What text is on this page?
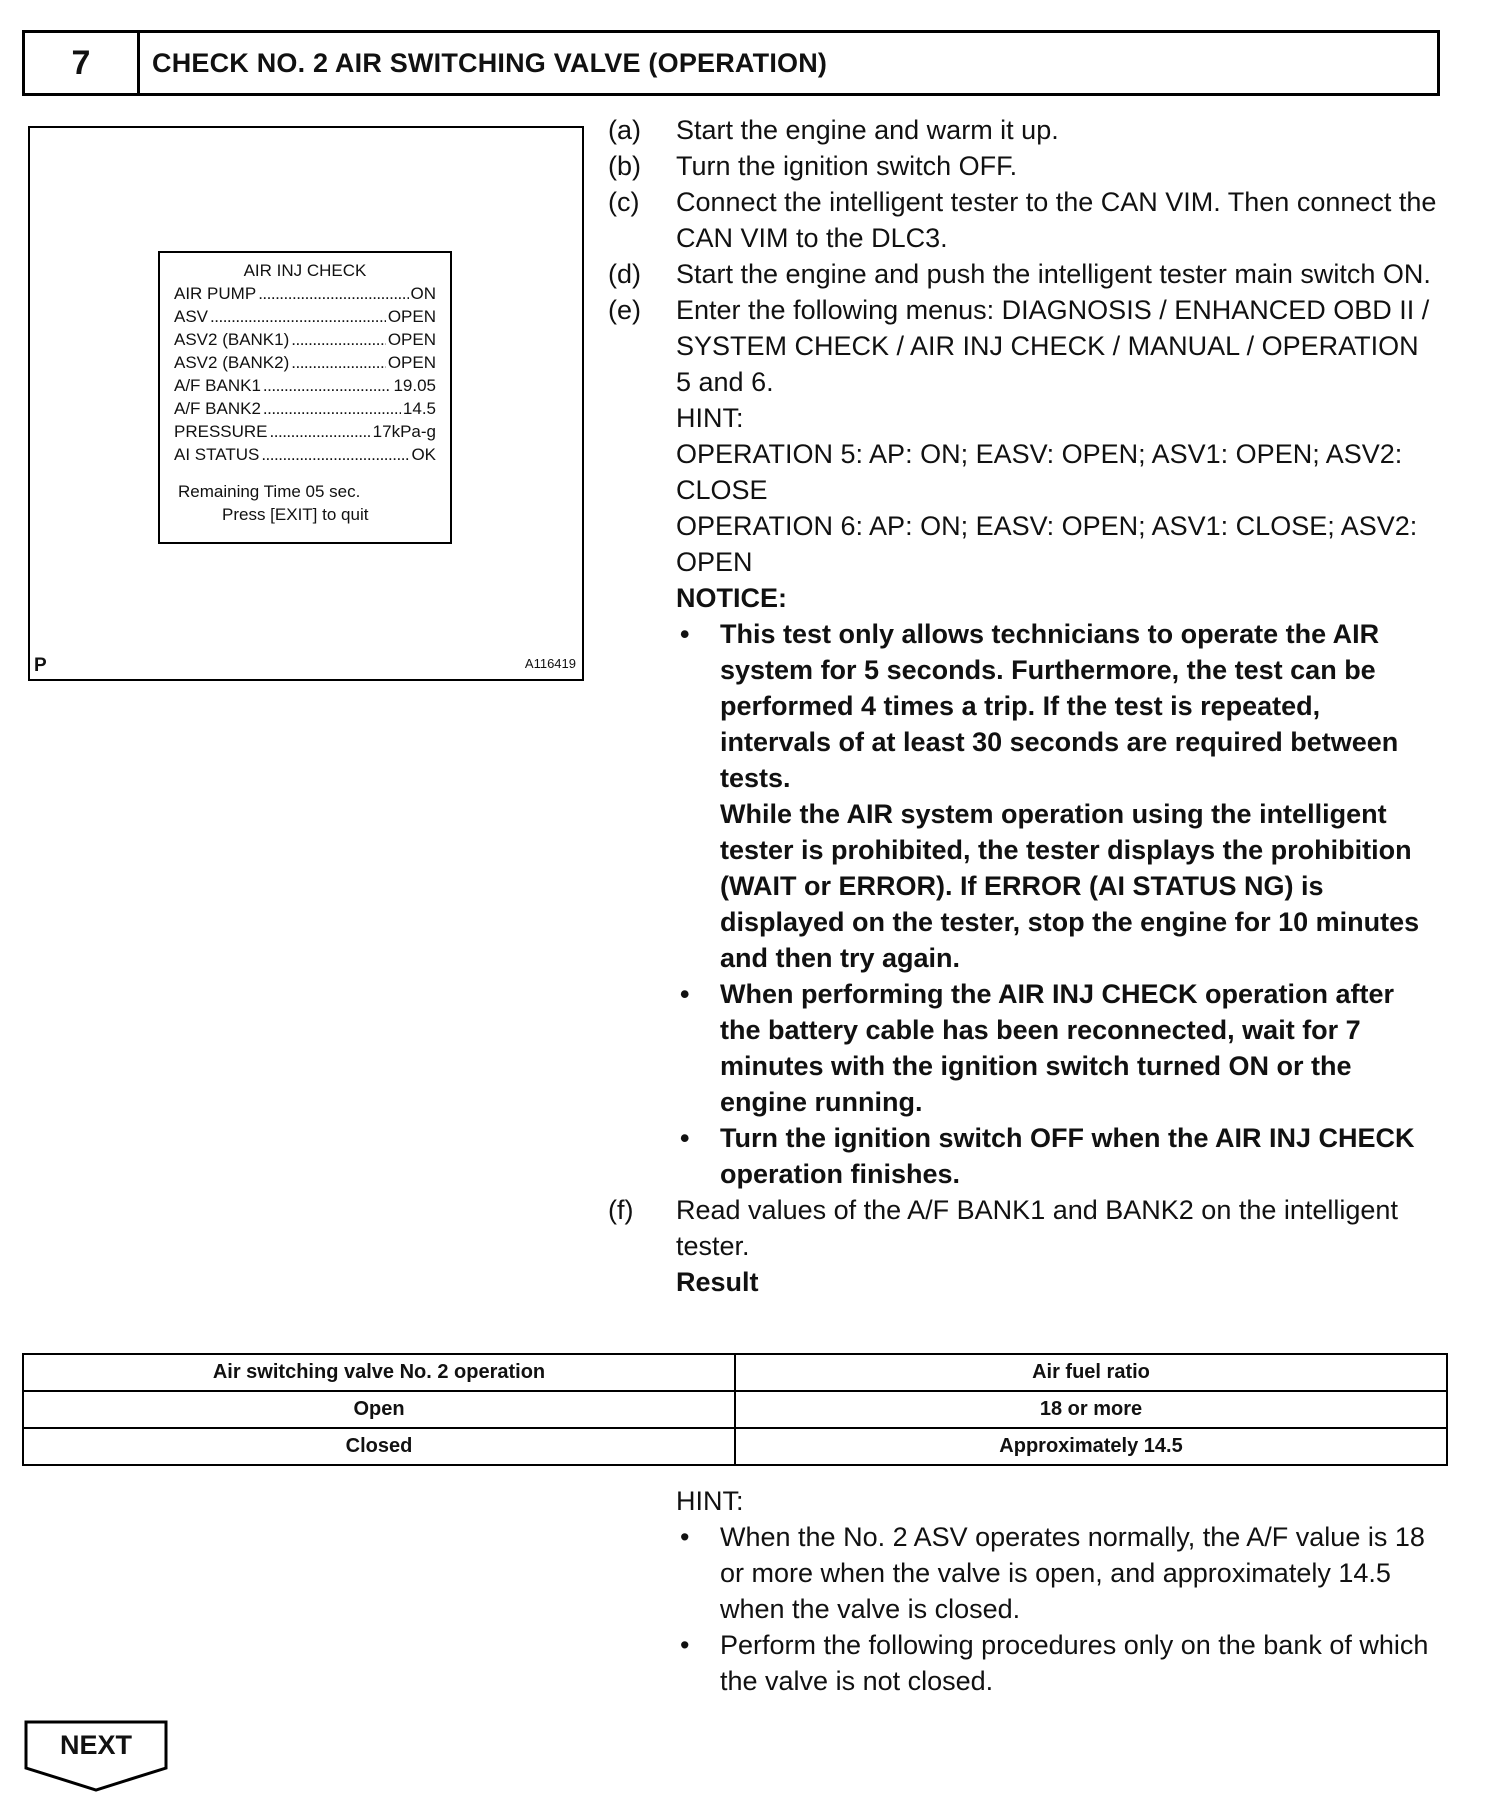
7	CHECK NO. 2 AIR SWITCHING VALVE (OPERATION)
AIR INJ CHECK
AIR PUMP .....	ON
ASV .....	OPEN
ASV2 (BANK1) .....	OPEN
ASV2 (BANK2) .....	OPEN
A/F BANK1 .....	19.05
A/F BANK2 .....	14.5
PRESSURE .....	17kPa-g
AI STATUS .....	OK
Remaining Time 05 sec.
Press [EXIT] to quit
P	A116419
(a)	Start the engine and warm it up.
(b)	Turn the ignition switch OFF.
(c)	Connect the intelligent tester to the CAN VIM. Then connect the CAN VIM to the DLC3.
(d)	Start the engine and push the intelligent tester main switch ON.
(e)	Enter the following menus: DIAGNOSIS / ENHANCED OBD II / SYSTEM CHECK / AIR INJ CHECK / MANUAL / OPERATION 5 and 6.
HINT:
OPERATION 5: AP: ON; EASV: OPEN; ASV1: OPEN; ASV2: CLOSE
OPERATION 6: AP: ON; EASV: OPEN; ASV1: CLOSE; ASV2: OPEN
NOTICE:
•	This test only allows technicians to operate the AIR system for 5 seconds. Furthermore, the test can be performed 4 times a trip. If the test is repeated, intervals of at least 30 seconds are required between tests.
While the AIR system operation using the intelligent tester is prohibited, the tester displays the prohibition (WAIT or ERROR). If ERROR (AI STATUS NG) is displayed on the tester, stop the engine for 10 minutes and then try again.
•	When performing the AIR INJ CHECK operation after the battery cable has been reconnected, wait for 7 minutes with the ignition switch turned ON or the engine running.
•	Turn the ignition switch OFF when the AIR INJ CHECK operation finishes.
(f)	Read values of the A/F BANK1 and BANK2 on the intelligent tester.
Result
Air switching valve No. 2 operation	Air fuel ratio
Open	18 or more
Closed	Approximately 14.5
HINT:
•	When the No. 2 ASV operates normally, the A/F value is 18 or more when the valve is open, and approximately 14.5 when the valve is closed.
•	Perform the following procedures only on the bank of which the valve is not closed.
NEXT
